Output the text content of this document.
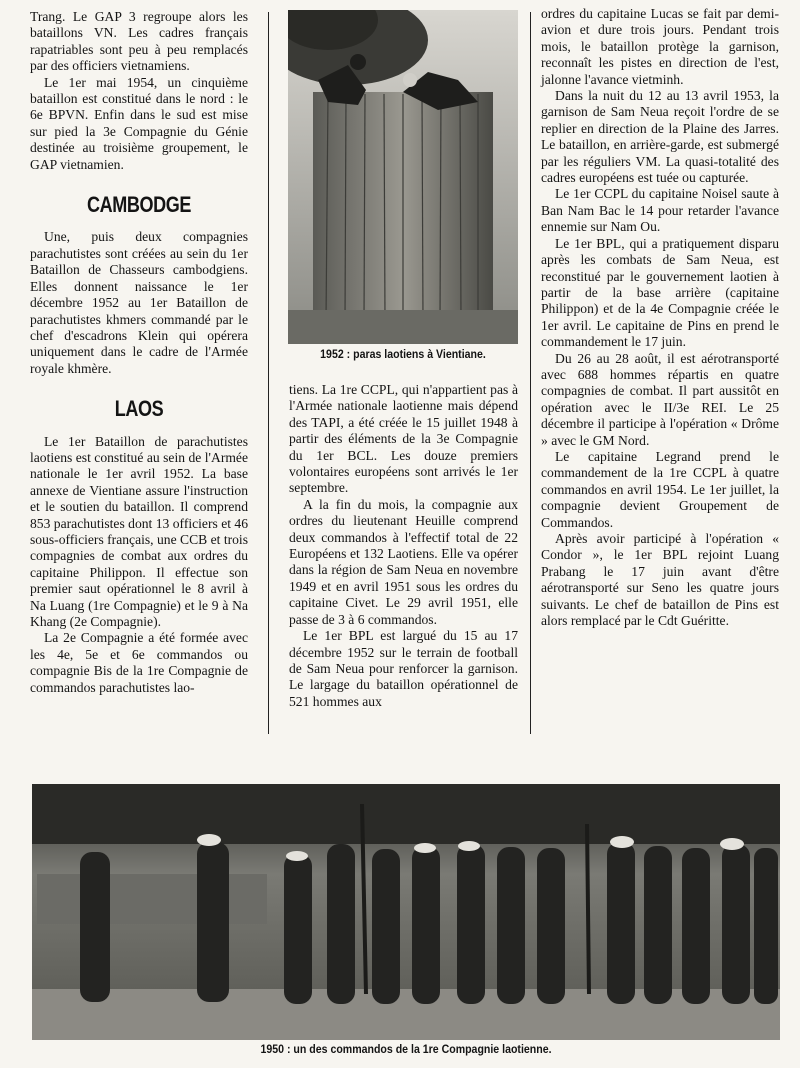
Trang. Le GAP 3 regroupe alors les bataillons VN. Les cadres français rapatriables sont peu à peu remplacés par des officiers vietnamiens.

Le 1er mai 1954, un cinquième bataillon est constitué dans le nord : le 6e BPVN. Enfin dans le sud est mise sur pied la 3e Compagnie du Génie destinée au troisième groupement, le GAP vietnamien.

CAMBODGE

Une, puis deux compagnies parachutistes sont créées au sein du 1er Bataillon de Chasseurs cambodgiens. Elles donnent naissance le 1er décembre 1952 au 1er Bataillon de parachutistes khmers commandé par le chef d'escadrons Klein qui opérera uniquement dans le cadre de l'Armée royale khmère.

LAOS

Le 1er Bataillon de parachutistes laotiens est constitué au sein de l'Armée nationale le 1er avril 1952. La base annexe de Vientiane assure l'instruction et le soutien du bataillon. Il comprend 853 parachutistes dont 13 officiers et 46 sous-officiers français, une CCB et trois compagnies de combat aux ordres du capitaine Philippon. Il effectue son premier saut opérationnel le 8 avril à Na Luang (1re Compagnie) et le 9 à Na Khang (2e Compagnie).

La 2e Compagnie a été formée avec les 4e, 5e et 6e commandos ou compagnie Bis de la 1re Compagnie de commandos parachutistes lao-

1952 : paras laotiens à Vientiane.

tiens. La 1re CCPL, qui n'appartient pas à l'Armée nationale laotienne mais dépend des TAPI, a été créée le 15 juillet 1948 à partir des éléments de la 3e Compagnie du 1er BCL. Les douze premiers volontaires européens sont arrivés le 1er septembre.

A la fin du mois, la compagnie aux ordres du lieutenant Heuille comprend deux commandos à l'effectif total de 22 Européens et 132 Laotiens. Elle va opérer dans la région de Sam Neua en novembre 1949 et en avril 1951 sous les ordres du capitaine Civet. Le 29 avril 1951, elle passe de 3 à 6 commandos.

Le 1er BPL est largué du 15 au 17 décembre 1952 sur le terrain de football de Sam Neua pour renforcer la garnison. Le largage du bataillon opérationnel de 521 hommes aux

ordres du capitaine Lucas se fait par demi-avion et dure trois jours. Pendant trois mois, le bataillon protège la garnison, reconnaît les pistes en direction de l'est, jalonne l'avance vietminh.

Dans la nuit du 12 au 13 avril 1953, la garnison de Sam Neua reçoit l'ordre de se replier en direction de la Plaine des Jarres. Le bataillon, en arrière-garde, est submergé par les réguliers VM. La quasi-totalité des cadres européens est tuée ou capturée.

Le 1er CCPL du capitaine Noisel saute à Ban Nam Bac le 14 pour retarder l'avance ennemie sur Nam Ou.

Le 1er BPL, qui a pratiquement disparu après les combats de Sam Neua, est reconstitué par le gouvernement laotien à partir de la base arrière (capitaine Philippon) et de la 4e Compagnie créée le 1er avril. Le capitaine de Pins en prend le commandement le 17 juin.

Du 26 au 28 août, il est aérotransporté avec 688 hommes répartis en quatre compagnies de combat. Il part aussitôt en opération avec le II/3e REI. Le 25 décembre il participe à l'opération « Drôme » avec le GM Nord.

Le capitaine Legrand prend le commandement de la 1re CCPL à quatre commandos en avril 1954. Le 1er juillet, la compagnie devient Groupement de Commandos.

Après avoir participé à l'opération « Condor », le 1er BPL rejoint Luang Prabang le 17 juin avant d'être aérotransporté sur Seno les quatre jours suivants. Le chef de bataillon de Pins est alors remplacé par le Cdt Guéritte.

1950 : un des commandos de la 1re Compagnie laotienne.
